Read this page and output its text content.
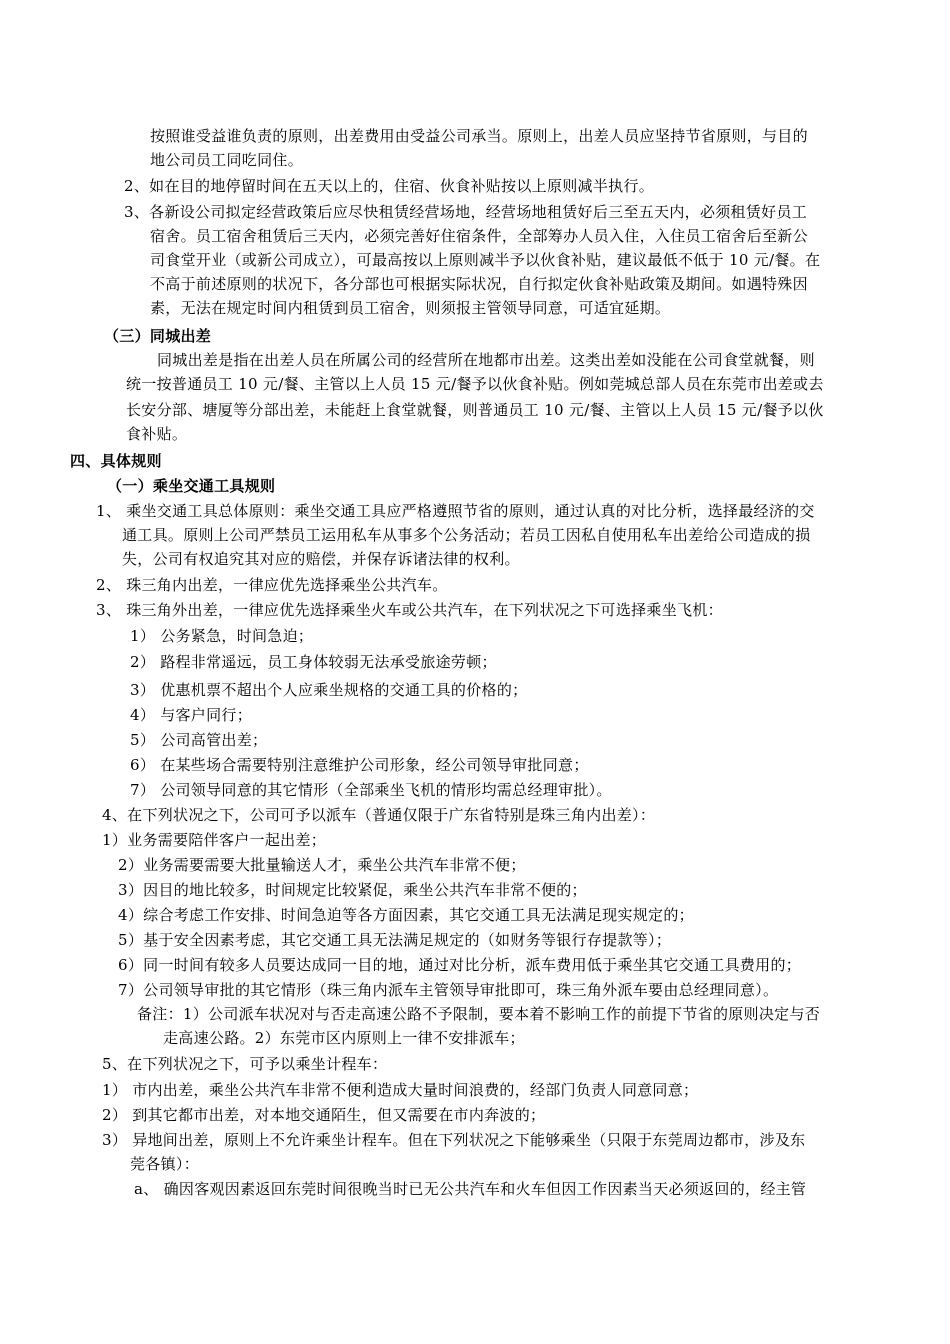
按照谁受益谁负责的原则，出差费用由受益公司承当。原则上，出差人员应坚持节省原则，与目的
地公司员工同吃同住。
2、如在目的地停留时间在五天以上的，住宿、伙食补贴按以上原则减半执行。
3、各新设公司拟定经营政策后应尽快租赁经营场地，经营场地租赁好后三至五天内，必须租赁好员工
宿舍。员工宿舍租赁后三天内，必须完善好住宿条件，全部筹办人员入住，入住员工宿舍后至新公
司食堂开业（或新公司成立），可最高按以上原则减半予以伙食补贴，建议最低不低于 10 元/餐。在
不高于前述原则的状况下，各分部也可根据实际状况，自行拟定伙食补贴政策及期间。如遇特殊因
素，无法在规定时间内租赁到员工宿舍，则须报主管领导同意，可适宜延期。
（三）同城出差
同城出差是指在出差人员在所属公司的经营所在地都市出差。这类出差如没能在公司食堂就餐，则
统一按普通员工 10 元/餐、主管以上人员 15 元/餐予以伙食补贴。例如莞城总部人员在东莞市出差或去
长安分部、塘厦等分部出差，未能赶上食堂就餐，则普通员工 10 元/餐、主管以上人员 15 元/餐予以伙
食补贴。
四、具体规则
（一）乘坐交通工具规则
1、 乘坐交通工具总体原则：乘坐交通工具应严格遵照节省的原则，通过认真的对比分析，选择最经济的交
通工具。原则上公司严禁员工运用私车从事多个公务活动；若员工因私自使用私车出差给公司造成的损
失，公司有权追究其对应的赔偿，并保存诉诸法律的权利。
2、 珠三角内出差，一律应优先选择乘坐公共汽车。
3、 珠三角外出差，一律应优先选择乘坐火车或公共汽车，在下列状况之下可选择乘坐飞机：
1） 公务紧急，时间急迫；
2） 路程非常遥远，员工身体较弱无法承受旅途劳顿；
3） 优惠机票不超出个人应乘坐规格的交通工具的价格的；
4） 与客户同行；
5） 公司高管出差；
6） 在某些场合需要特别注意维护公司形象，经公司领导审批同意；
7） 公司领导同意的其它情形（全部乘坐飞机的情形均需总经理审批）。
4、在下列状况之下，公司可予以派车（普通仅限于广东省特别是珠三角内出差）：
1）业务需要陪伴客户一起出差；
2）业务需要需要大批量输送人才，乘坐公共汽车非常不便；
3）因目的地比较多，时间规定比较紧促，乘坐公共汽车非常不便的；
4）综合考虑工作安排、时间急迫等各方面因素，其它交通工具无法满足现实规定的；
5）基于安全因素考虑，其它交通工具无法满足规定的（如财务等银行存提款等）；
6）同一时间有较多人员要达成同一目的地，通过对比分析，派车费用低于乘坐其它交通工具费用的；
7）公司领导审批的其它情形（珠三角内派车主管领导审批即可，珠三角外派车要由总经理同意）。
备注：1）公司派车状况对与否走高速公路不予限制，要本着不影响工作的前提下节省的原则决定与否
走高速公路。2）东莞市区内原则上一律不安排派车；
5、在下列状况之下，可予以乘坐计程车：
1） 市内出差，乘坐公共汽车非常不便利造成大量时间浪费的，经部门负责人同意同意；
2） 到其它都市出差，对本地交通陌生，但又需要在市内奔波的；
3） 异地间出差，原则上不允许乘坐计程车。但在下列状况之下能够乘坐（只限于东莞周边都市，涉及东
莞各镇）：
a、 确因客观因素返回东莞时间很晚当时已无公共汽车和火车但因工作因素当天必须返回的，经主管
